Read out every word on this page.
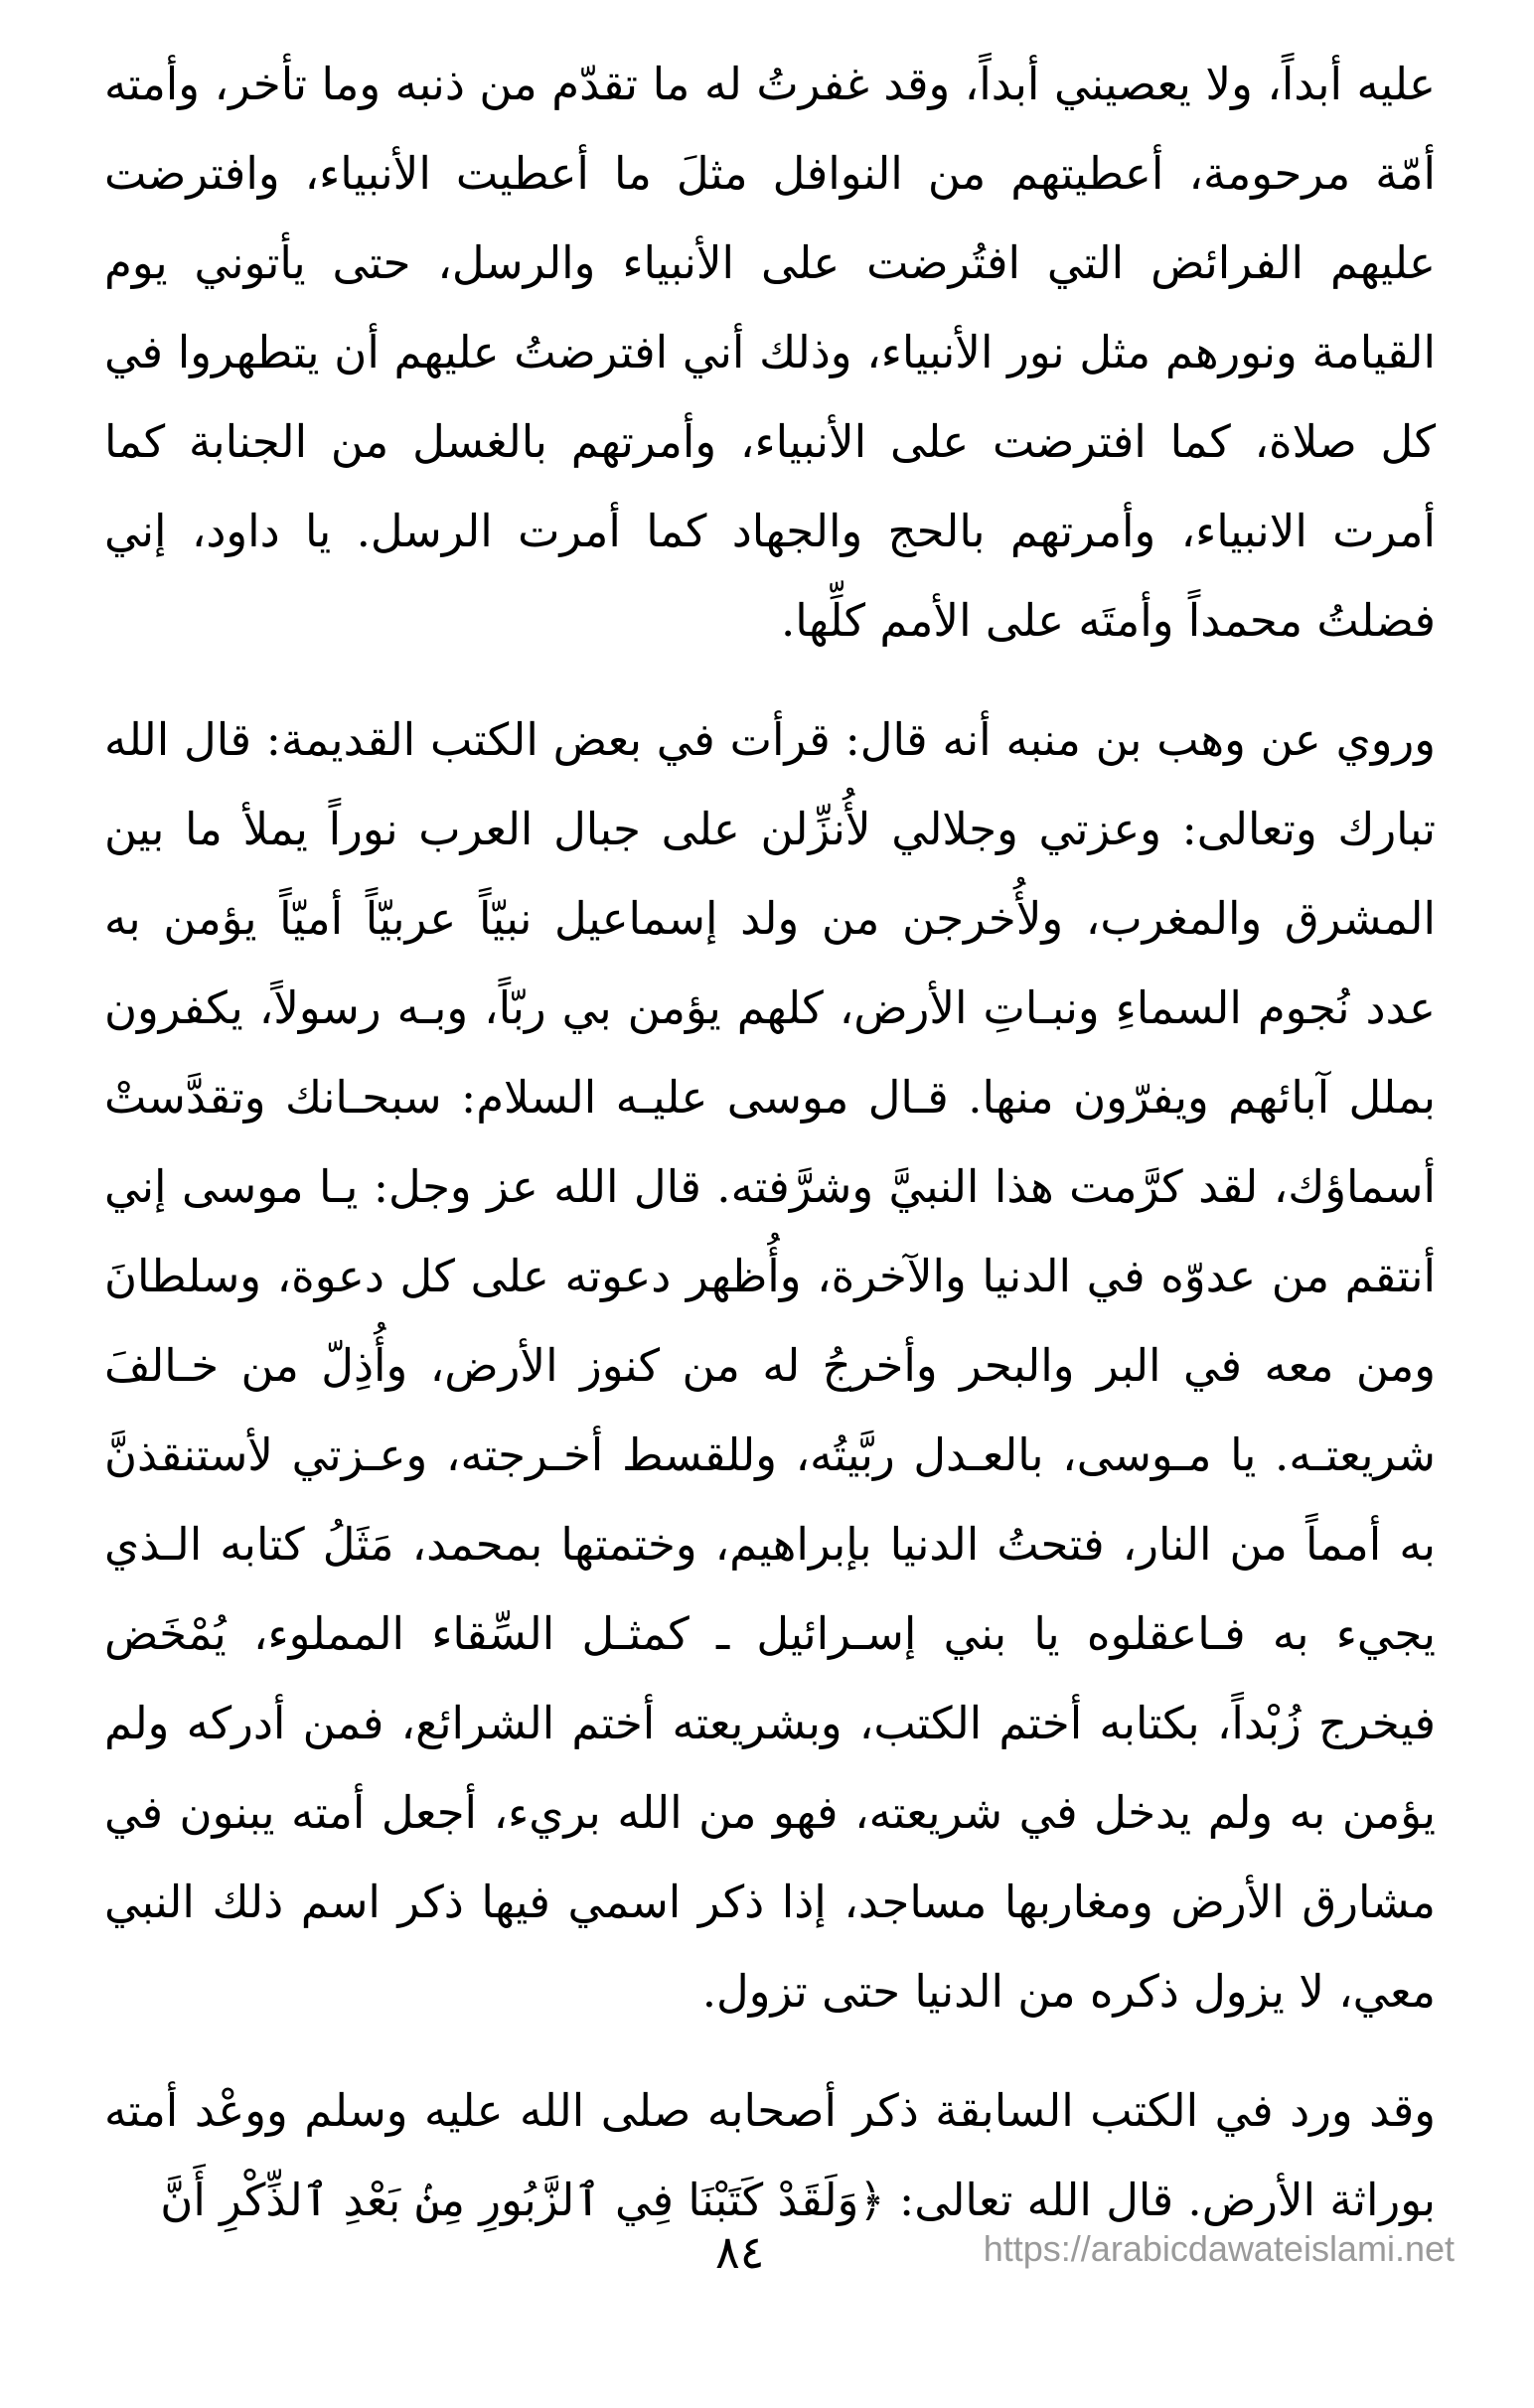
عليه أبداً، ولا يعصيني أبداً، وقد غفرتُ له ما تقدّم من ذنبه وما تأخر، وأمته أمّة مرحومة، أعطيتهم من النوافل مثلَ ما أعطيت الأنبياء، وافترضت عليهم الفرائض التي افتُرضت على الأنبياء والرسل، حتى يأتوني يوم القيامة ونورهم مثل نور الأنبياء، وذلك أني افترضتُ عليهم أن يتطهروا في كل صلاة، كما افترضت على الأنبياء، وأمرتهم بالغسل من الجنابة كما أمرت الانبياء، وأمرتهم بالحج والجهاد كما أمرت الرسل. يا داود، إني فضلتُ محمداً وأمتَه على الأمم كلِّها.

وروي عن وهب بن منبه أنه قال: قرأت في بعض الكتب القديمة: قال الله تبارك وتعالى: وعزتي وجلالي لأُنزِّلن على جبال العرب نوراً يملأ ما بين المشرق والمغرب، ولأُخرجن من ولد إسماعيل نبيّاً عربيّاً أميّاً يؤمن به عدد نُجوم السماءِ ونبـاتِ الأرض، كلهم يؤمن بي ربّاً، وبـه رسولاً، يكفرون بملل آبائهم ويفرّون منها. قـال موسى عليـه السلام: سبحـانك وتقدَّستْ أسماؤك، لقد كرَّمت هذا النبيَّ وشرَّفته. قال الله عز وجل: يـا موسى إني أنتقم من عدوّه في الدنيا والآخرة، وأُظهر دعوته على كل دعوة، وسلطانَ ومن معه في البر والبحر وأخرجُ له من كنوز الأرض، وأُذِلّ من خـالفَ شريعتـه. يا مـوسى، بالعـدل ربَّيتُه، وللقسط أخـرجته، وعـزتي لأستنقذنَّ به أمماً من النار، فتحتُ الدنيا بإبراهيم، وختمتها بمحمد، مَثَلُ كتابه الـذي يجيء به فـاعقلوه يا بني إسـرائيل ـ كمثـل السِّقاء المملوء، يُمْخَض فيخرج زُبْداً، بكتابه أختم الكتب، وبشريعته أختم الشرائع، فمن أدركه ولم يؤمن به ولم يدخل في شريعته، فهو من الله بريء، أجعل أمته يبنون في مشارق الأرض ومغاربها مساجد، إذا ذكر اسمي فيها ذكر اسم ذلك النبي معي، لا يزول ذكره من الدنيا حتى تزول.

وقد ورد في الكتب السابقة ذكر أصحابه صلى الله عليه وسلم ووعْد أمته بوراثة الأرض. قال الله تعالى: ﴿وَلَقَدْ كَتَبْنَا فِي ٱلزَّبُورِ مِنۢ بَعْدِ ٱلذِّكْرِ أَنَّ

٨٤	https://arabicdawateislami.net
